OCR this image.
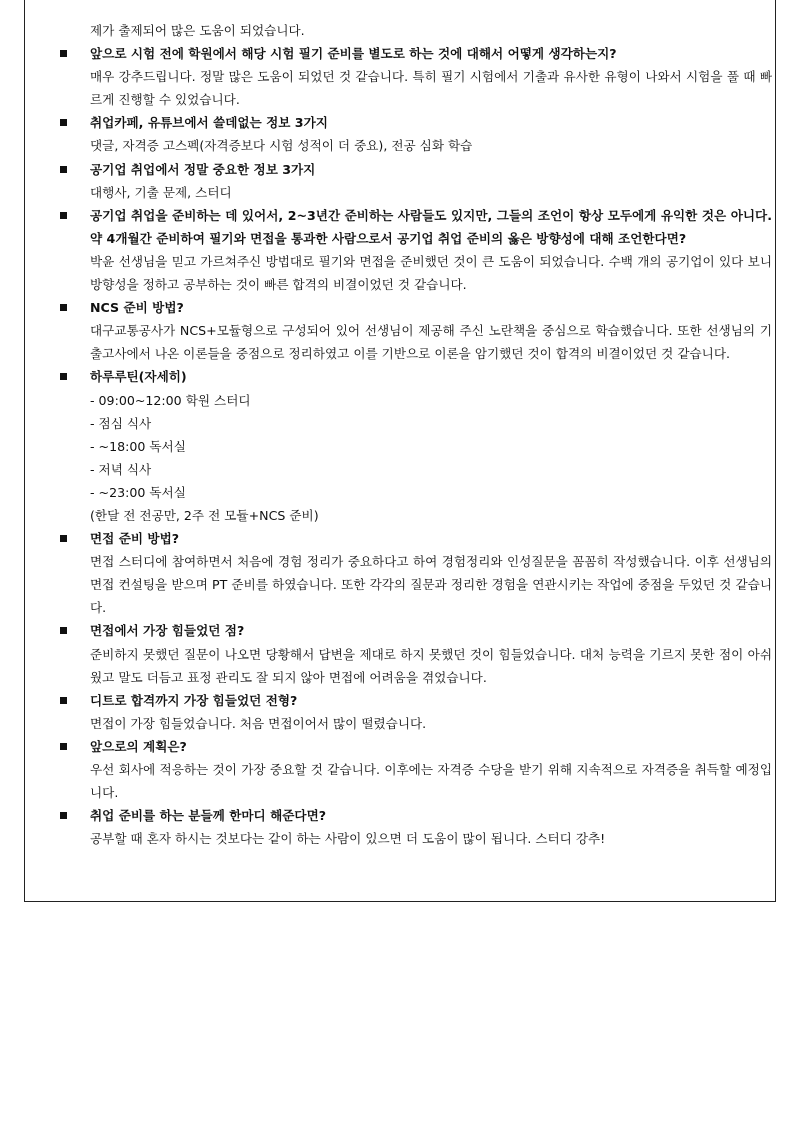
제가 출제되어 많은 도움이 되었습니다.

앞으로 시험 전에 학원에서 해당 시험 필기 준비를 별도로 하는 것에 대해서 어떻게 생각하는지?

매우 강추드립니다. 정말 많은 도움이 되었던 것 같습니다. 특히 필기 시험에서 기출과 유사한 유형이 나와서 시험을 풀 때 빠르게 진행할 수 있었습니다.

취업카페, 유튜브에서 쓸데없는 정보 3가지

댓글, 자격증 고스펙(자격증보다 시험 성적이 더 중요), 전공 심화 학습

공기업 취업에서 정말 중요한 정보 3가지

대행사, 기출 문제, 스터디

공기업 취업을 준비하는 데 있어서, 2~3년간 준비하는 사람들도 있지만, 그들의 조언이 항상 모두에게 유익한 것은 아니다. 약 4개월간 준비하여 필기와 면접을 통과한 사람으로서 공기업 취업 준비의 옳은 방향성에 대해 조언한다면?

박윤 선생님을 믿고 가르쳐주신 방법대로 필기와 면접을 준비했던 것이 큰 도움이 되었습니다. 수백 개의 공기업이 있다 보니 방향성을 정하고 공부하는 것이 빠른 합격의 비결이었던 것 같습니다.

NCS 준비 방법?

대구교통공사가 NCS+모듈형으로 구성되어 있어 선생님이 제공해 주신 노란책을 중심으로 학습했습니다. 또한 선생님의 기출고사에서 나온 이론들을 중점으로 정리하였고 이를 기반으로 이론을 암기했던 것이 합격의 비결이었던 것 같습니다.

하루루틴(자세히)

- 09:00~12:00 학원 스터디

- 점심 식사

- ~18:00 독서실

- 저녁 식사

- ~23:00 독서실

(한달 전 전공만, 2주 전 모듈+NCS 준비)

면접 준비 방법?

면접 스터디에 참여하면서 처음에 경험 정리가 중요하다고 하여 경험정리와 인성질문을 꼼꼼히 작성했습니다. 이후 선생님의 면접 컨설팅을 받으며 PT 준비를 하였습니다. 또한 각각의 질문과 정리한 경험을 연관시키는 작업에 중점을 두었던 것 같습니다.

면접에서 가장 힘들었던 점?

준비하지 못했던 질문이 나오면 당황해서 답변을 제대로 하지 못했던 것이 힘들었습니다. 대처 능력을 기르지 못한 점이 아쉬웠고 말도 더듬고 표정 관리도 잘 되지 않아 면접에 어려움을 겪었습니다.

디트로 합격까지 가장 힘들었던 전형?

면접이 가장 힘들었습니다. 처음 면접이어서 많이 떨렸습니다.

앞으로의 계획은?

우선 회사에 적응하는 것이 가장 중요할 것 같습니다. 이후에는 자격증 수당을 받기 위해 지속적으로 자격증을 취득할 예정입니다.

취업 준비를 하는 분들께 한마디 해준다면?

공부할 때 혼자 하시는 것보다는 같이 하는 사람이 있으면 더 도움이 많이 됩니다. 스터디 강추!
